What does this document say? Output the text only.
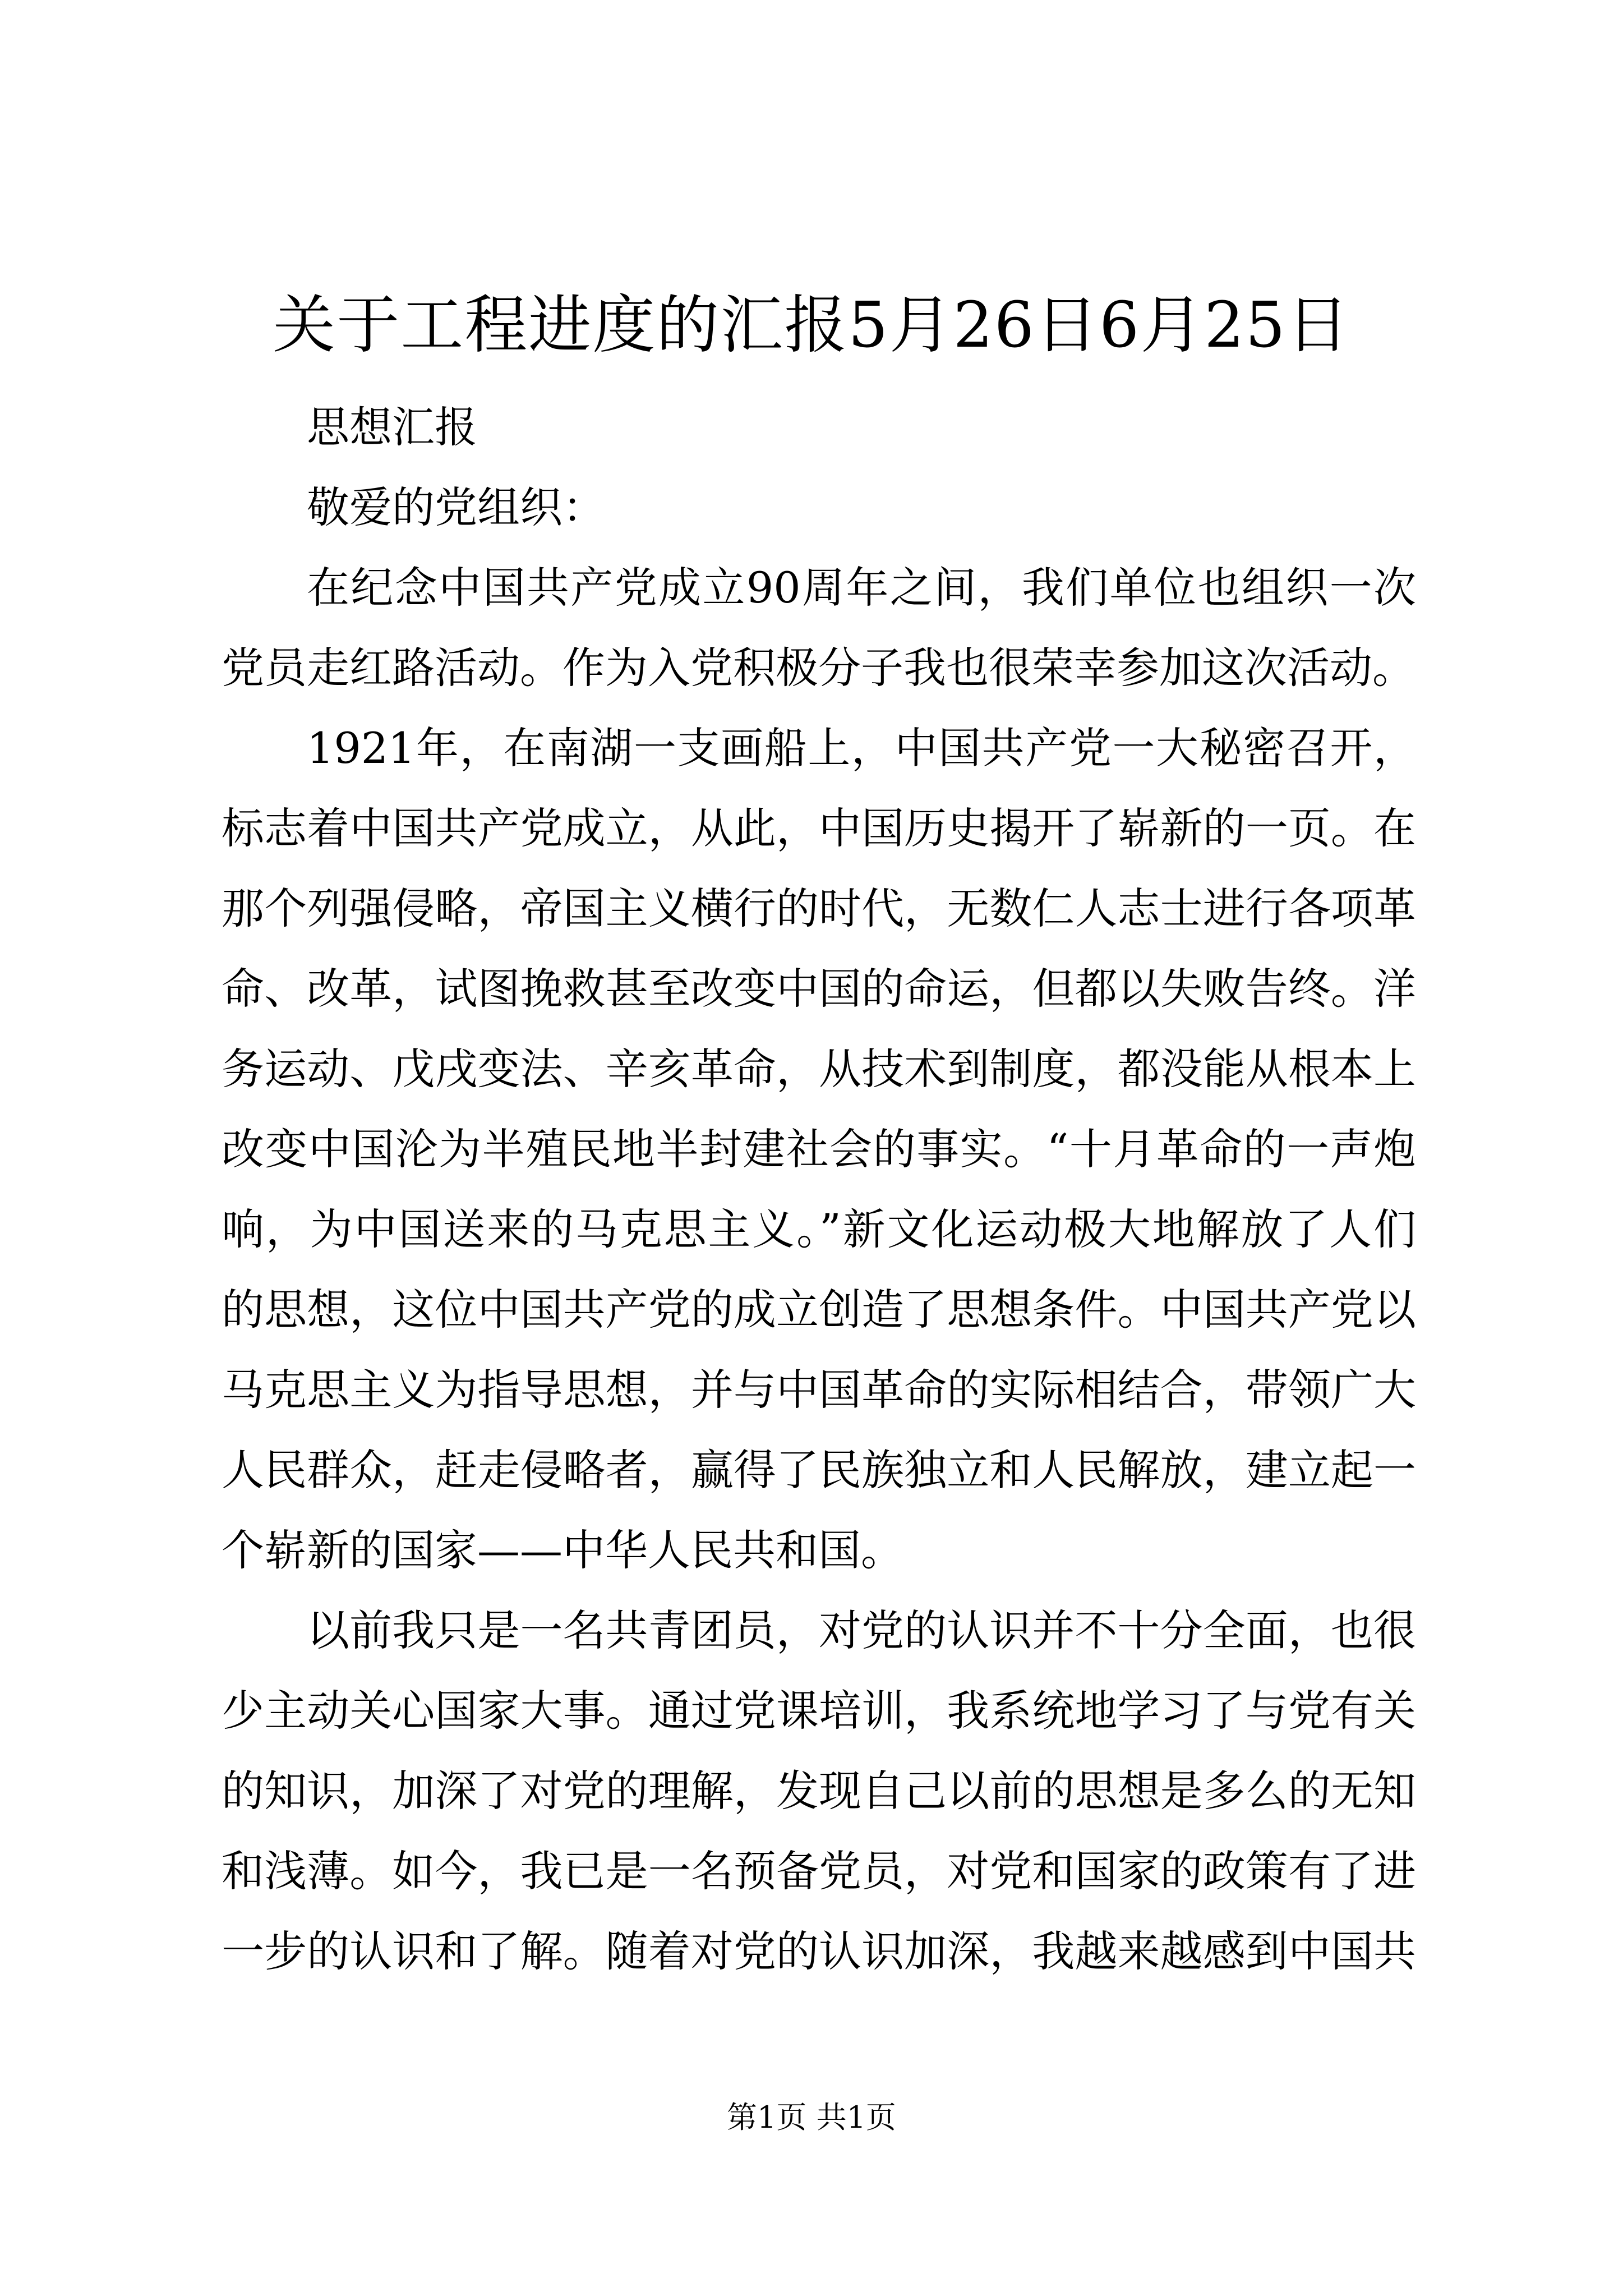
关于工程进度的汇报5月26日6月25日
思想汇报
敬爱的党组织：
在纪念中国共产党成立90周年之间，我们单位也组织一次
党员走红路活动。作为入党积极分子我也很荣幸参加这次活动。
1921年，在南湖一支画船上，中国共产党一大秘密召开，
标志着中国共产党成立，从此，中国历史揭开了崭新的一页。在
那个列强侵略，帝国主义横行的时代，无数仁人志士进行各项革
命、改革，试图挽救甚至改变中国的命运，但都以失败告终。洋
务运动、戊戌变法、辛亥革命，从技术到制度，都没能从根本上
改变中国沦为半殖民地半封建社会的事实。“十月革命的一声炮
响，为中国送来的马克思主义。”新文化运动极大地解放了人们
的思想，这位中国共产党的成立创造了思想条件。中国共产党以
马克思主义为指导思想，并与中国革命的实际相结合，带领广大
人民群众，赶走侵略者，赢得了民族独立和人民解放，建立起一
个崭新的国家——中华人民共和国。
以前我只是一名共青团员，对党的认识并不十分全面，也很
少主动关心国家大事。通过党课培训，我系统地学习了与党有关
的知识，加深了对党的理解，发现自己以前的思想是多么的无知
和浅薄。如今，我已是一名预备党员，对党和国家的政策有了进
一步的认识和了解。随着对党的认识加深，我越来越感到中国共
第1页 共1页
